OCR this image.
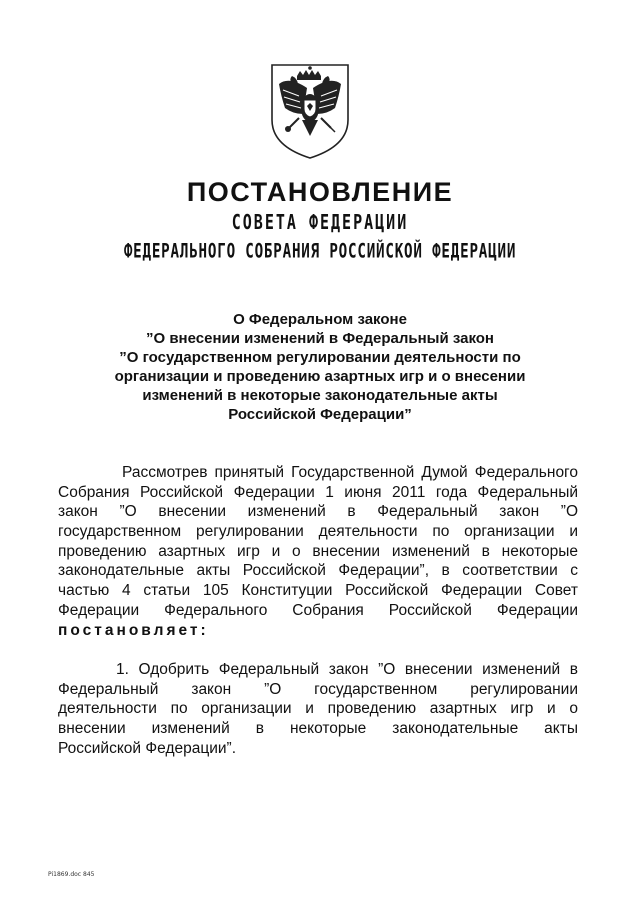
ПОСТАНОВЛЕНИЕ
СОВЕТА ФЕДЕРАЦИИ
ФЕДЕРАЛЬНОГО СОБРАНИЯ РОССИЙСКОЙ ФЕДЕРАЦИИ
О Федеральном законе
”О внесении изменений в Федеральный закон
”О государственном регулировании деятельности по
организации и проведению азартных игр и о внесении
изменений в некоторые законодательные акты
Российской Федерации”
Рассмотрев принятый Государственной Думой Федерального
Собрания Российской Федерации 1 июня 2011 года Федеральный
закон ”О внесении изменений в Федеральный закон ”О
государственном регулировании деятельности по организации и
проведению азартных игр и о внесении изменений в некоторые
законодательные акты Российской Федерации”, в соответствии с
частью 4 статьи 105 Конституции Российской Федерации Совет
Федерации Федерального Собрания Российской Федерации
постановляет:
1. Одобрить Федеральный закон ”О внесении изменений в
Федеральный закон ”О государственном регулировании
деятельности по организации и проведению азартных игр и о
внесении изменений в некоторые законодательные акты
Российской Федерации”.
Pi1869.doc 845
